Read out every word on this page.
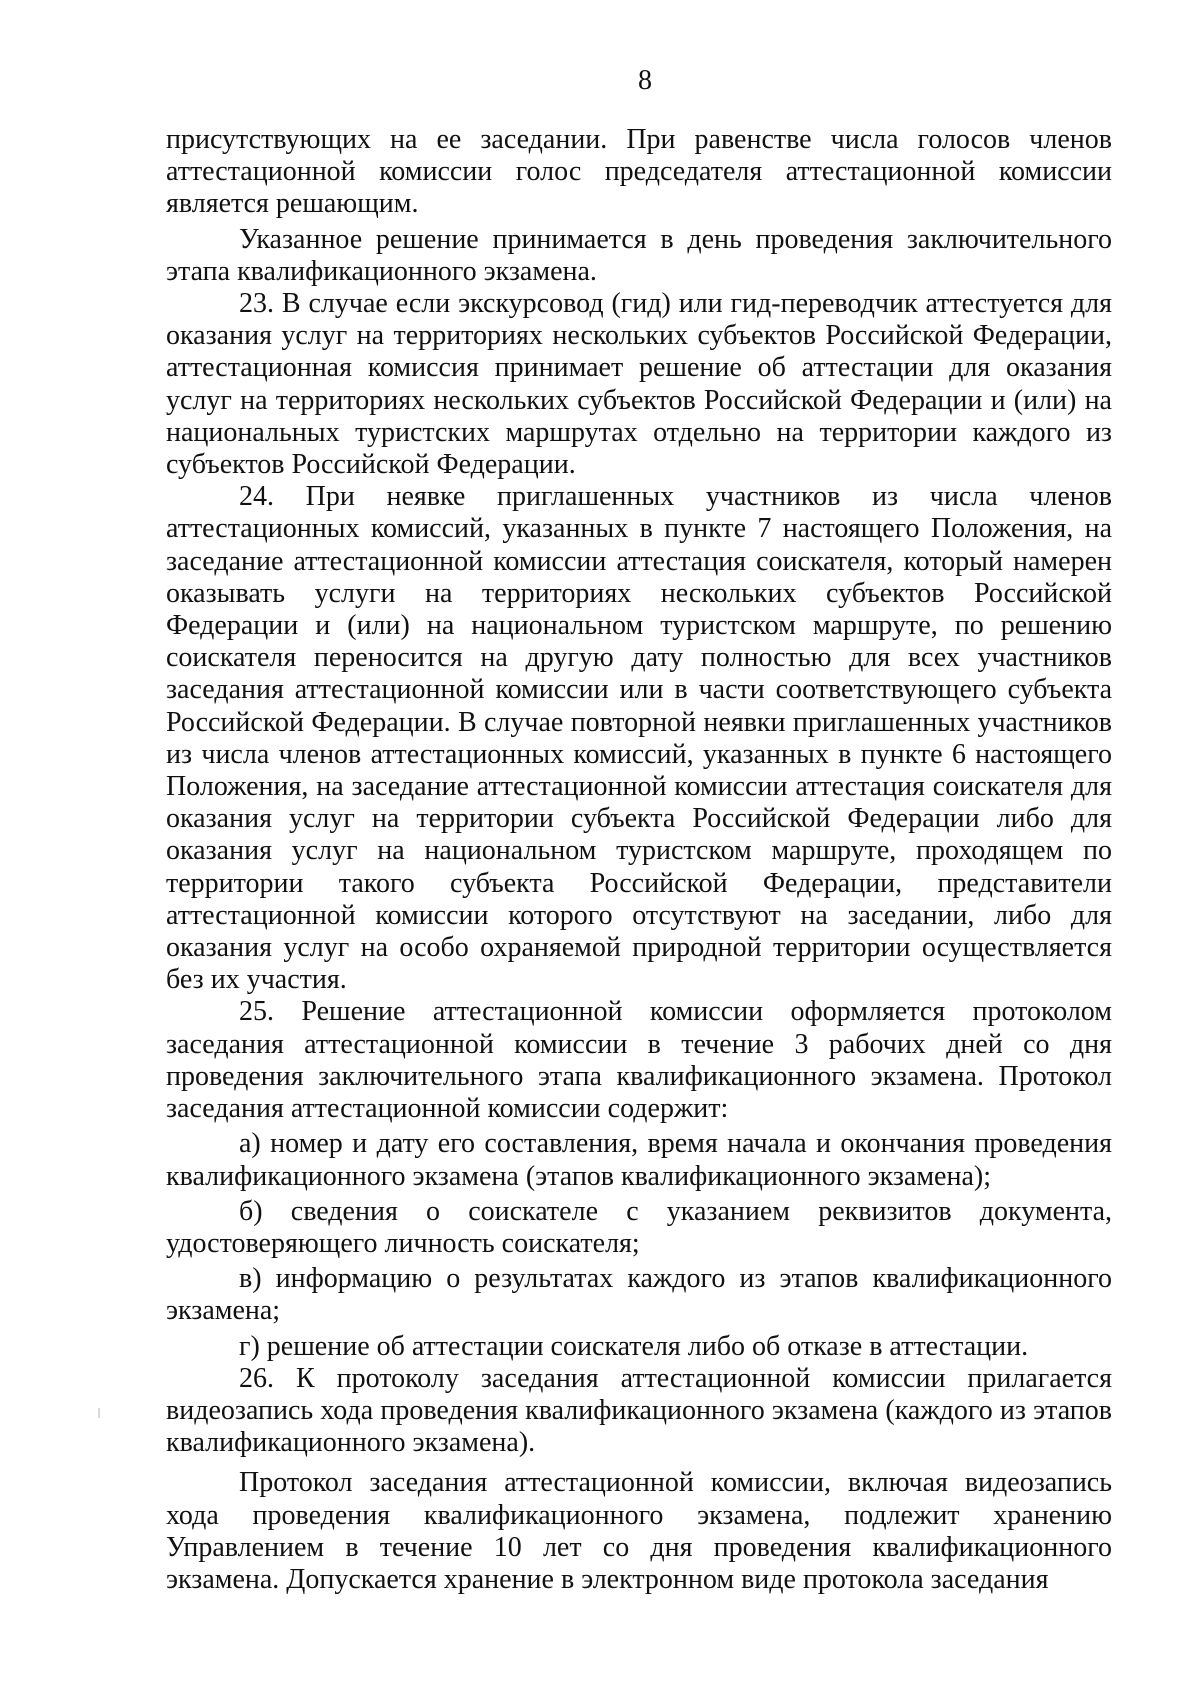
8

присутствующих на ее заседании. При равенстве числа голосов членов аттестационной комиссии голос председателя аттестационной комиссии является решающим.

Указанное решение принимается в день проведения заключительного этапа квалификационного экзамена.

23. В случае если экскурсовод (гид) или гид-переводчик аттестуется для оказания услуг на территориях нескольких субъектов Российской Федерации, аттестационная комиссия принимает решение об аттестации для оказания услуг на территориях нескольких субъектов Российской Федерации и (или) на национальных туристских маршрутах отдельно на территории каждого из субъектов Российской Федерации.

24. При неявке приглашенных участников из числа членов аттестационных комиссий, указанных в пункте 7 настоящего Положения, на заседание аттестационной комиссии аттестация соискателя, который намерен оказывать услуги на территориях нескольких субъектов Российской Федерации и (или) на национальном туристском маршруте, по решению соискателя переносится на другую дату полностью для всех участников заседания аттестационной комиссии или в части соответствующего субъекта Российской Федерации. В случае повторной неявки приглашенных участников из числа членов аттестационных комиссий, указанных в пункте 6 настоящего Положения, на заседание аттестационной комиссии аттестация соискателя для оказания услуг на территории субъекта Российской Федерации либо для оказания услуг на национальном туристском маршруте, проходящем по территории такого субъекта Российской Федерации, представители аттестационной комиссии которого отсутствуют на заседании, либо для оказания услуг на особо охраняемой природной территории осуществляется без их участия.

25. Решение аттестационной комиссии оформляется протоколом заседания аттестационной комиссии в течение 3 рабочих дней со дня проведения заключительного этапа квалификационного экзамена. Протокол заседания аттестационной комиссии содержит:

а) номер и дату его составления, время начала и окончания проведения квалификационного экзамена (этапов квалификационного экзамена);

б) сведения о соискателе с указанием реквизитов документа, удостоверяющего личность соискателя;

в) информацию о результатах каждого из этапов квалификационного экзамена;

г) решение об аттестации соискателя либо об отказе в аттестации.

26. К протоколу заседания аттестационной комиссии прилагается видеозапись хода проведения квалификационного экзамена (каждого из этапов квалификационного экзамена).

Протокол заседания аттестационной комиссии, включая видеозапись хода проведения квалификационного экзамена, подлежит хранению Управлением в течение 10 лет со дня проведения квалификационного экзамена. Допускается хранение в электронном виде протокола заседания
